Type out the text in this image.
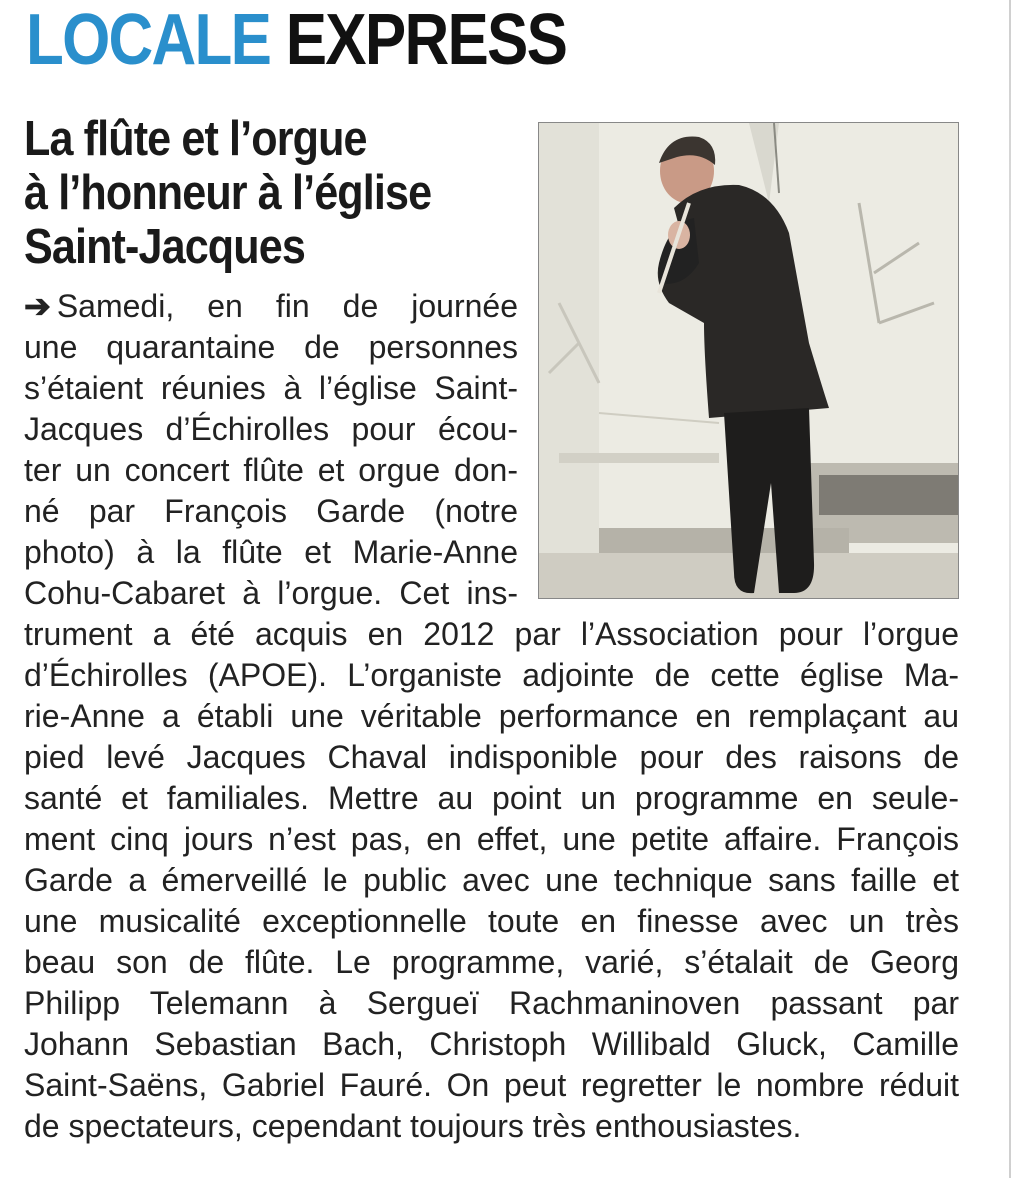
LOCALE EXPRESS
La flûte et l’orgue
à l’honneur à l’église
Saint-Jacques
➔ Samedi, en fin de journée
une quarantaine de personnes
s’étaient réunies à l’église Saint-
Jacques d’Échirolles pour écou-
ter un concert flûte et orgue don-
né par François Garde (notre
photo) à la flûte et Marie-Anne
Cohu-Cabaret à l’orgue. Cet ins-
trument a été acquis en 2012 par l’Association pour l’orgue
d’Échirolles (APOE). L’organiste adjointe de cette église Ma-
rie-Anne a établi une véritable performance en remplaçant au
pied levé Jacques Chaval indisponible pour des raisons de
santé et familiales. Mettre au point un programme en seule-
ment cinq jours n’est pas, en effet, une petite affaire. François
Garde a émerveillé le public avec une technique sans faille et
une musicalité exceptionnelle toute en finesse avec un très
beau son de flûte. Le programme, varié, s’étalait de Georg
Philipp Telemann à Sergueï Rachmaninoven passant par
Johann Sebastian Bach, Christoph Willibald Gluck, Camille
Saint-Saëns, Gabriel Fauré. On peut regretter le nombre réduit
de spectateurs, cependant toujours très enthousiastes.
